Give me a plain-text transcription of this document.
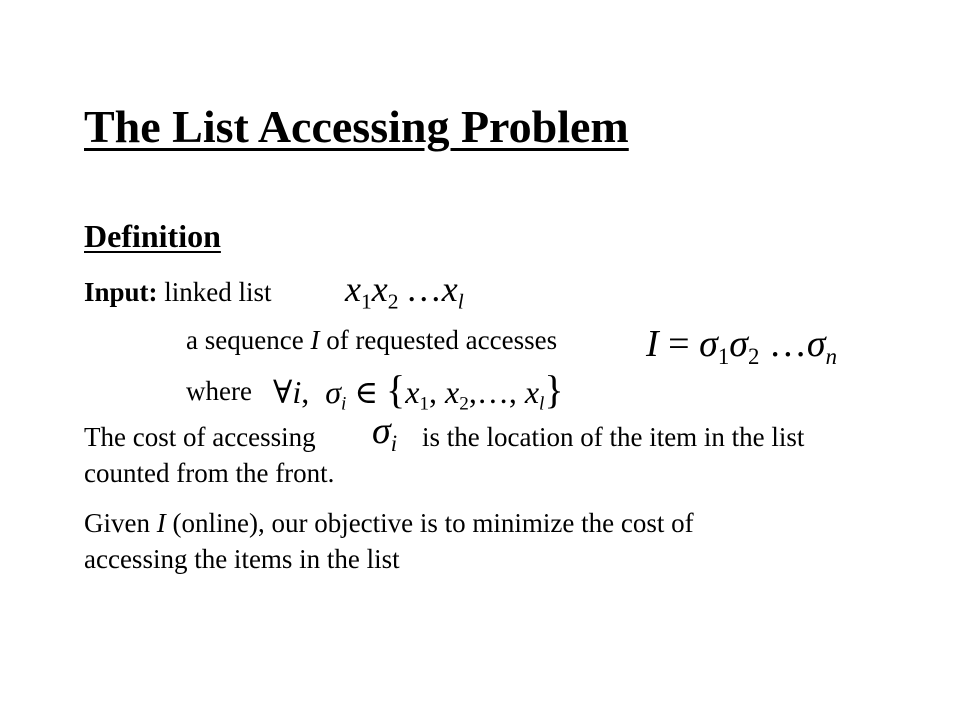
The List Accessing Problem
Definition
Input: linked list $x_1x_2$ $\dots x_l$
a sequence I of requested accesses $I = \sigma_1\sigma_2$ $\dots\sigma_n$
where ∀i,  $\sigma_i$ ∈ {$x_1$, $x_2,\dots$, $x_l$}
The cost of accessing $\sigma_i$ is the location of the item in the list
counted from the front.
Given I (online), our objective is to minimize the cost of
accessing the items in the list
